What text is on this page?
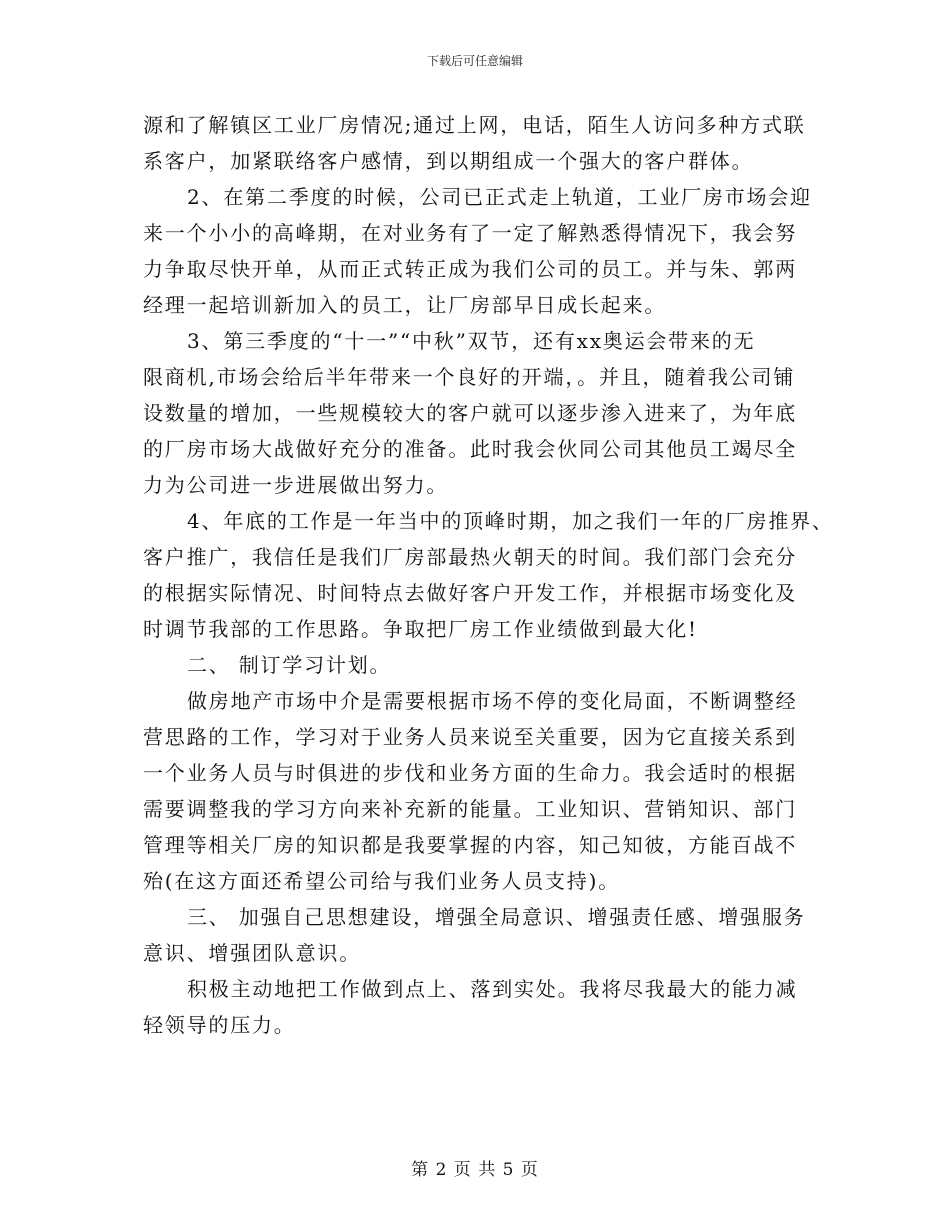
下载后可任意编辑
源和了解镇区工业厂房情况;通过上网，电话，陌生人访问多种方式联
系客户，加紧联络客户感情，到以期组成一个强大的客户群体。
2、在第二季度的时候，公司已正式走上轨道，工业厂房市场会迎
来一个小小的高峰期，在对业务有了一定了解熟悉得情况下，我会努
力争取尽快开单，从而正式转正成为我们公司的员工。并与朱、郭两
经理一起培训新加入的员工，让厂房部早日成长起来。
3、第三季度的“十一”“中秋”双节，还有xx奥运会带来的无
限商机,市场会给后半年带来一个良好的开端，。并且，随着我公司铺
设数量的增加，一些规模较大的客户就可以逐步渗入进来了，为年底
的厂房市场大战做好充分的准备。此时我会伙同公司其他员工竭尽全
力为公司进一步进展做出努力。
4、年底的工作是一年当中的顶峰时期，加之我们一年的厂房推界、
客户推广，我信任是我们厂房部最热火朝天的时间。我们部门会充分
的根据实际情况、时间特点去做好客户开发工作，并根据市场变化及
时调节我部的工作思路。争取把厂房工作业绩做到最大化!
二、 制订学习计划。
做房地产市场中介是需要根据市场不停的变化局面，不断调整经
营思路的工作，学习对于业务人员来说至关重要，因为它直接关系到
一个业务人员与时俱进的步伐和业务方面的生命力。我会适时的根据
需要调整我的学习方向来补充新的能量。工业知识、营销知识、部门
管理等相关厂房的知识都是我要掌握的内容，知己知彼，方能百战不
殆(在这方面还希望公司给与我们业务人员支持)。
三、 加强自己思想建设，增强全局意识、增强责任感、增强服务
意识、增强团队意识。
积极主动地把工作做到点上、落到实处。我将尽我最大的能力减
轻领导的压力。
第 2 页 共 5 页
